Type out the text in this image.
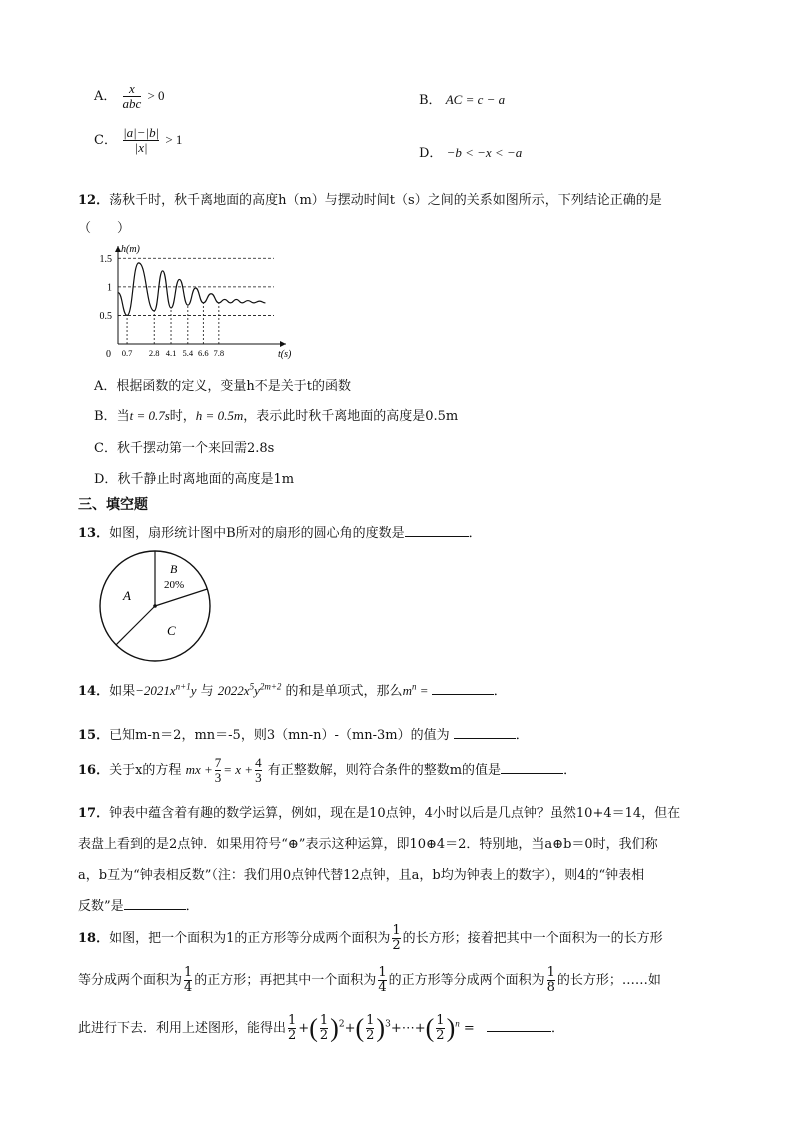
A． $\frac{x}{\text{abc}} > 0$	B． AC = c − a
C． $\frac{|a|-|b|}{|x|} > 1$
D． −b < −x < −a
12．荡秋千时，秋千离地面的高度h（m）与摆动时间t（s）之间的关系如图所示，下列结论正确的是
（　　）
t(s)
h(m)
0
0.5
1
1.5
0.7 2.8 4.1 5.4 6.6 7.8
A．根据函数的定义，变量h不是关于t的函数
B．当t = 0.7s时，h = 0.5m，表示此时秋千离地面的高度是0.5m
C．秋千摆动第一个来回需2.8s
D．秋千静止时离地面的高度是1m
三、填空题
13．如图，扇形统计图中B所对的扇形的圆心角的度数是	．
A
B
20%
C
14．如果$-2021x^{n+1}y$ 与 $2022x^5y^{2m+2}$ 的和是单项式，那么$m^n$ =	．
15．已知m-n＝2，mn＝-5，则3（mn-n）-（mn-3m）的值为	．
16．关于x的方程 mx + $\frac{7}{3} = x + \frac{4}{3}$ 有正整数解，则符合条件的整数m的值是	．
17．钟表中蕴含着有趣的数学运算，例如，现在是10点钟，4小时以后是几点钟？虽然10+4＝14，但在
表盘上看到的是2点钟．如果用符号“⊕”表示这种运算，即10⊕4＝2．特别地，当a⊕b＝0时，我们称
a，b互为“钟表相反数”（注：我们用0点钟代替12点钟，且a，b均为钟表上的数字），则4的“钟表相
反数”是	．
18．如图，把一个面积为1的正方形等分成两个面积为 $\frac{1}{2}$ 的长方形；接着把其中一个面积为一的长方形
等分成两个面积为 $\frac{1}{4}$ 的正方形；再把其中一个面积为 $\frac{1}{4}$ 的正方形等分成两个面积为 $\frac{1}{8}$ 的长方形；……如
此进行下去．利用上述图形，能得出 $\frac{1}{2}$ +( $\frac{1}{2} )^2+( \frac{1}{2}$ )$^3+\cdots+( \frac{1}{2} )^n$ =	．
